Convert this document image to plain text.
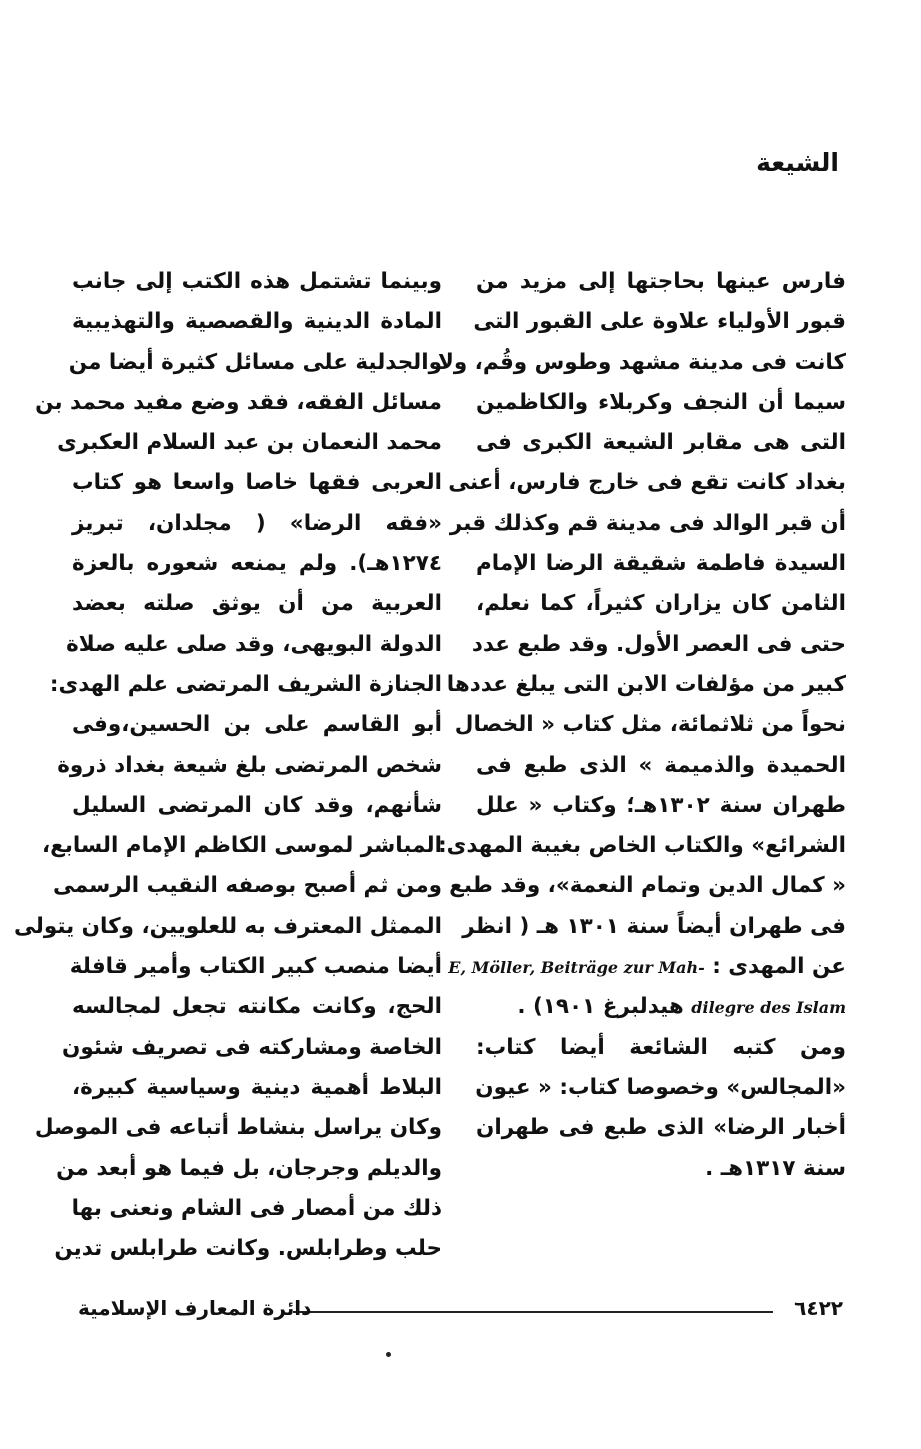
الشيعة
فارس عينها بحاجتها إلى مزيد من
قبور الأولياء علاوة على القبور التى
كانت فى مدينة مشهد وطوس وقُم، ولا
سيما أن النجف وكربلاء والكاظمين
التى هى مقابر الشيعة الكبرى فى
بغداد كانت تقع فى خارج فارس، أعنى
أن قبر الوالد فى مدينة قم وكذلك قبر
السيدة فاطمة شقيقة الرضا الإمام
الثامن كان يزاران كثيراً، كما نعلم،
حتى فى العصر الأول. وقد طبع عدد
كبير من مؤلفات الابن التى يبلغ عددها
نحواً من ثلاثمائة، مثل كتاب « الخصال
الحميدة والذميمة » الذى طبع فى
طهران سنة ١٣٠٢هـ؛ وكتاب « علل
الشرائع» والكتاب الخاص بغيبة المهدى:
« كمال الدين وتمام النعمة»، وقد طبع
فى طهران أيضاً سنة ١٣٠١ هـ ( انظر
عن المهدى : E, Möller, Beiträge zur Mah-
dilegre des Islam هيدلبرغ ١٩٠١) .
ومن كتبه الشائعة أيضا كتاب:
«المجالس» وخصوصا كتاب: « عيون
أخبار الرضا» الذى طبع فى طهران
سنة ١٣١٧هـ .
وبينما تشتمل هذه الكتب إلى جانب
المادة الدينية والقصصية والتهذيبية
والجدلية على مسائل كثيرة أيضا من
مسائل الفقه، فقد وضع مفيد محمد بن
محمد النعمان بن عبد السلام العكبرى
العربى فقها خاصا واسعا هو كتاب
«فقه الرضا» ( مجلدان، تبريز
١٢٧٤هـ). ولم يمنعه شعوره بالعزة
العربية من أن يوثق صلته بعضد
الدولة البويهى، وقد صلى عليه صلاة
الجنازة الشريف المرتضى علم الهدى:
أبو القاسم على بن الحسين،وفى
شخص المرتضى بلغ شيعة بغداد ذروة
شأنهم، وقد كان المرتضى السليل
المباشر لموسى الكاظم الإمام السابع،
ومن ثم أصبح بوصفه النقيب الرسمى
الممثل المعترف به للعلويين، وكان يتولى
أيضا منصب كبير الكتاب وأمير قافلة
الحج، وكانت مكانته تجعل لمجالسه
الخاصة ومشاركته فى تصريف شئون
البلاط أهمية دينية وسياسية كبيرة،
وكان يراسل بنشاط أتباعه فى الموصل
والديلم وجرجان، بل فيما هو أبعد من
ذلك من أمصار فى الشام ونعنى بها
حلب وطرابلس. وكانت طرابلس تدين
٦٤٢٢
دائرة المعارف الإسلامية
